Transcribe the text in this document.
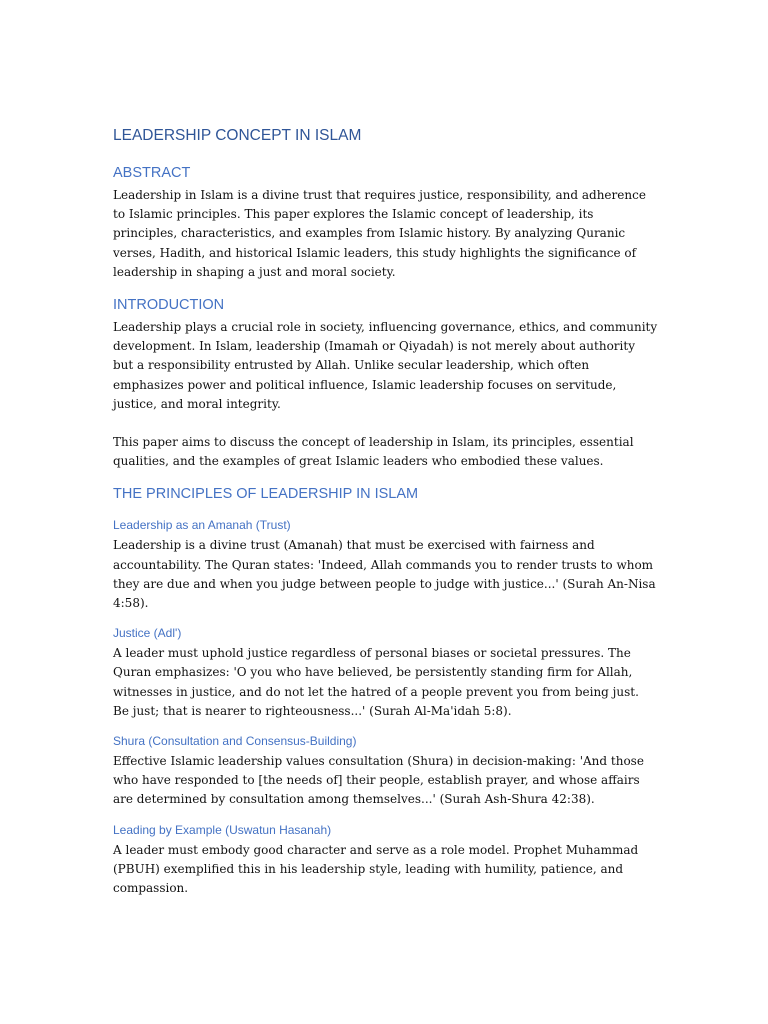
LEADERSHIP CONCEPT IN ISLAM
ABSTRACT

Leadership in Islam is a divine trust that requires justice, responsibility, and adherence to Islamic principles. This paper explores the Islamic concept of leadership, its principles, characteristics, and examples from Islamic history. By analyzing Quranic verses, Hadith, and historical Islamic leaders, this study highlights the significance of leadership in shaping a just and moral society.

INTRODUCTION

Leadership plays a crucial role in society, influencing governance, ethics, and community development. In Islam, leadership (Imamah or Qiyadah) is not merely about authority but a responsibility entrusted by Allah. Unlike secular leadership, which often emphasizes power and political influence, Islamic leadership focuses on servitude, justice, and moral integrity.

This paper aims to discuss the concept of leadership in Islam, its principles, essential qualities, and the examples of great Islamic leaders who embodied these values.

THE PRINCIPLES OF LEADERSHIP IN ISLAM
Leadership as an Amanah (Trust)

Leadership is a divine trust (Amanah) that must be exercised with fairness and accountability. The Quran states: 'Indeed, Allah commands you to render trusts to whom they are due and when you judge between people to judge with justice...' (Surah An-Nisa 4:58).

Justice (Adl')

A leader must uphold justice regardless of personal biases or societal pressures. The Quran emphasizes: 'O you who have believed, be persistently standing firm for Allah, witnesses in justice, and do not let the hatred of a people prevent you from being just. Be just; that is nearer to righteousness...' (Surah Al-Ma'idah 5:8).

Shura (Consultation and Consensus-Building)

Effective Islamic leadership values consultation (Shura) in decision-making: 'And those who have responded to [the needs of] their people, establish prayer, and whose affairs are determined by consultation among themselves...' (Surah Ash-Shura 42:38).

Leading by Example (Uswatun Hasanah)

A leader must embody good character and serve as a role model. Prophet Muhammad (PBUH) exemplified this in his leadership style, leading with humility, patience, and compassion.
